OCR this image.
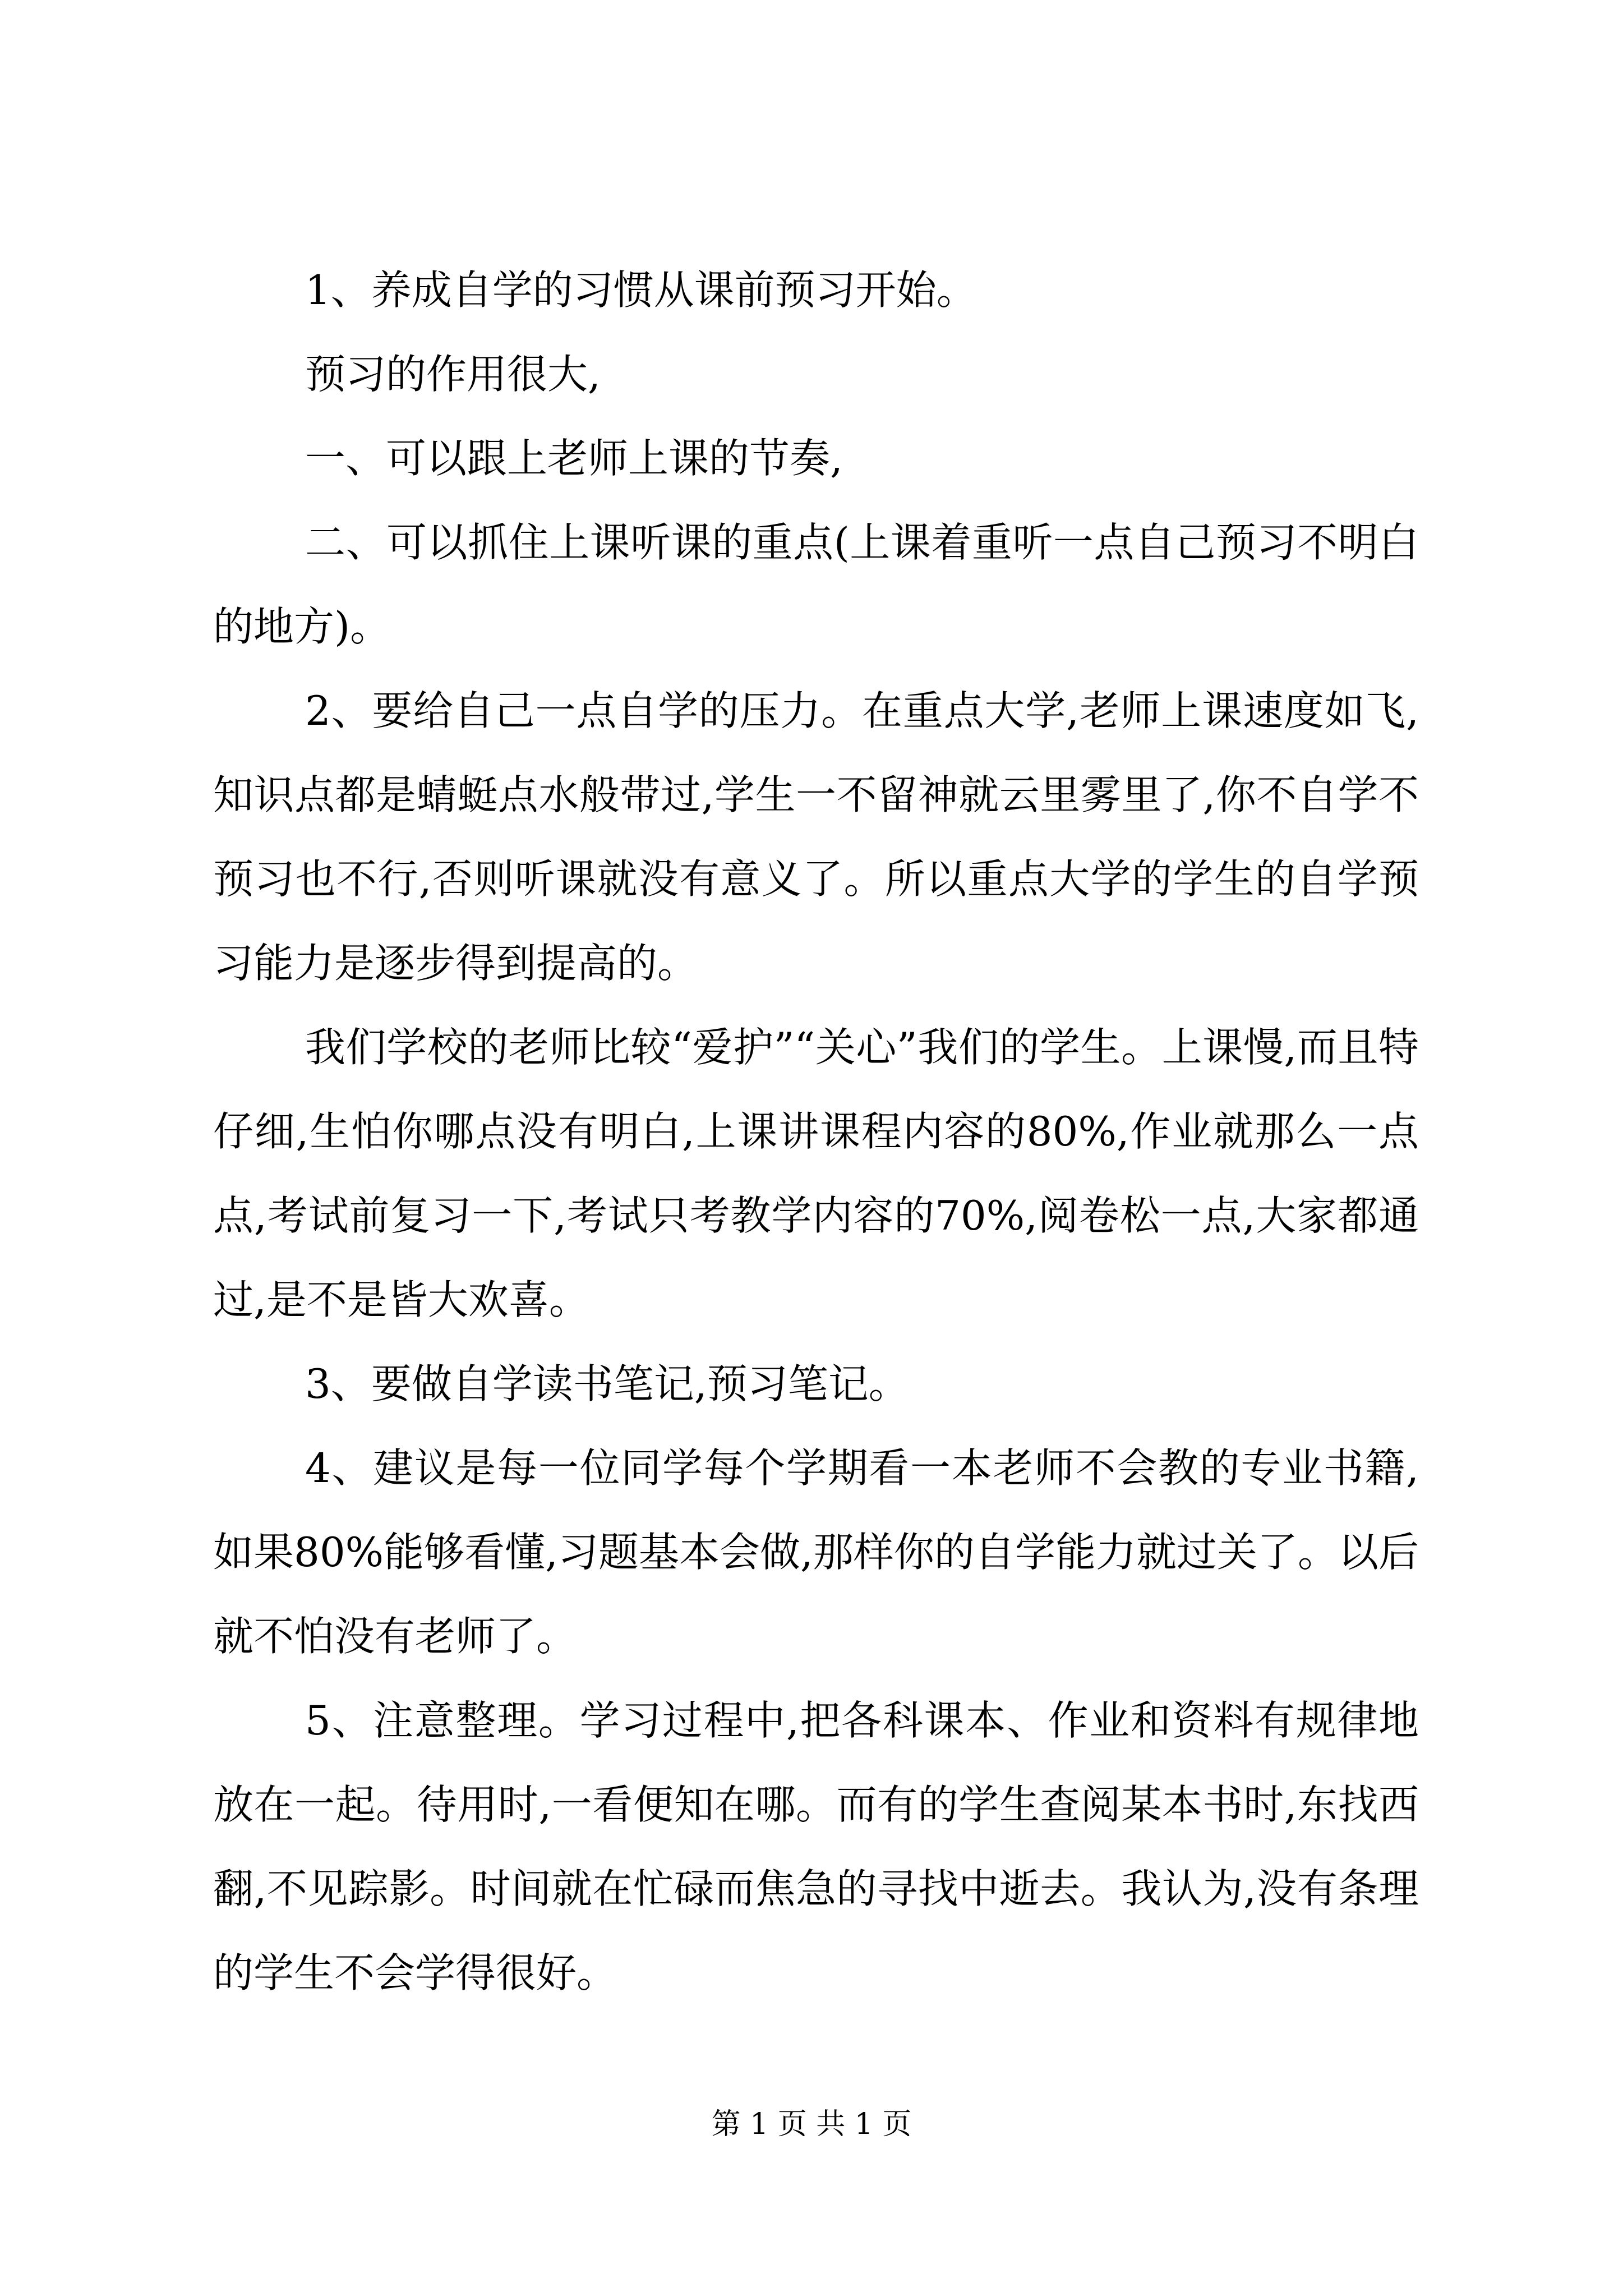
1、养成自学的习惯从课前预习开始。

预习的作用很大,

一、可以跟上老师上课的节奏,

二、可以抓住上课听课的重点(上课着重听一点自己预习不明白的地方)。

2、要给自己一点自学的压力。在重点大学,老师上课速度如飞,知识点都是蜻蜓点水般带过,学生一不留神就云里雾里了,你不自学不预习也不行,否则听课就没有意义了。所以重点大学的学生的自学预习能力是逐步得到提高的。

我们学校的老师比较“爱护”“关心”我们的学生。上课慢,而且特仔细,生怕你哪点没有明白,上课讲课程内容的80%,作业就那么一点点,考试前复习一下,考试只考教学内容的70%,阅卷松一点,大家都通过,是不是皆大欢喜。

3、要做自学读书笔记,预习笔记。

4、建议是每一位同学每个学期看一本老师不会教的专业书籍,如果80%能够看懂,习题基本会做,那样你的自学能力就过关了。以后就不怕没有老师了。

5、注意整理。学习过程中,把各科课本、作业和资料有规律地放在一起。待用时,一看便知在哪。而有的学生查阅某本书时,东找西翻,不见踪影。时间就在忙碌而焦急的寻找中逝去。我认为,没有条理的学生不会学得很好。

第 1 页 共 1 页
